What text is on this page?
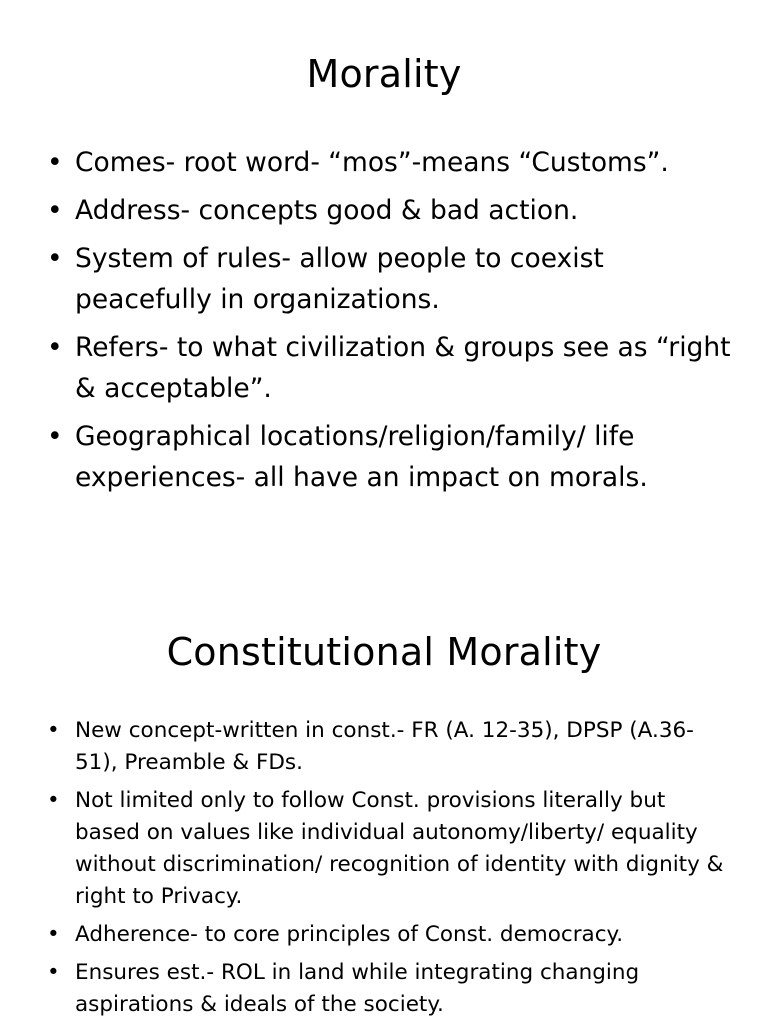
Morality
• Comes- root word- “mos”-means “Customs”.
• Address- concepts good & bad action.
• System of rules- allow people to coexist peacefully in organizations.
• Refers- to what civilization & groups see as “right & acceptable”.
• Geographical locations/religion/family/ life experiences- all have an impact on morals.
Constitutional Morality
• New concept-written in const.- FR (A. 12-35), DPSP (A.36-51), Preamble & FDs.
• Not limited only to follow Const. provisions literally but based on values like individual autonomy/liberty/ equality without discrimination/ recognition of identity with dignity & right to Privacy.
• Adherence- to core principles of Const. democracy.
• Ensures est.- ROL in land while integrating changing aspirations & ideals of the society.
